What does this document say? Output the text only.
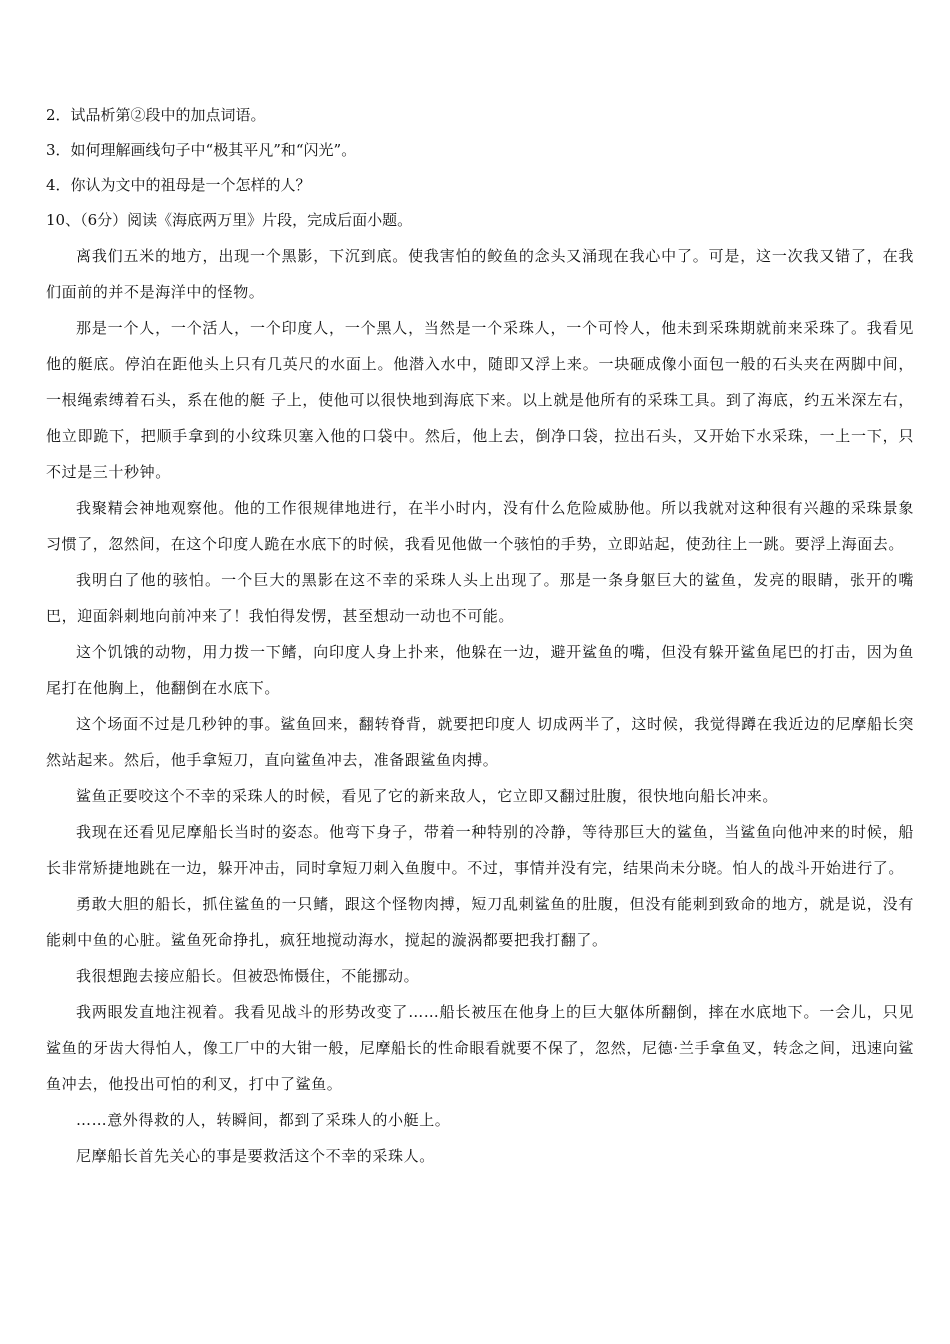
2．试品析第②段中的加点词语。
3．如何理解画线句子中“极其平凡”和“闪光”。
4．你认为文中的祖母是一个怎样的人？
10、（6分）阅读《海底两万里》片段，完成后面小题。

离我们五米的地方，出现一个黑影，下沉到底。使我害怕的鲛鱼的念头又涌现在我心中了。可是，这一次我又错了，在我们面前的并不是海洋中的怪物。

那是一个人，一个活人，一个印度人，一个黑人，当然是一个采珠人，一个可怜人，他未到采珠期就前来采珠了。我看见他的艇底。停泊在距他头上只有几英尺的水面上。他潜入水中，随即又浮上来。一块砸成像小面包一般的石头夹在两脚中间，一根绳索缚着石头，系在他的艇 子上，使他可以很快地到海底下来。以上就是他所有的采珠工具。到了海底，约五米深左右，他立即跪下，把顺手拿到的小纹珠贝塞入他的口袋中。然后，他上去，倒净口袋，拉出石头，又开始下水采珠，一上一下，只不过是三十秒钟。

我聚精会神地观察他。他的工作很规律地进行，在半小时内，没有什么危险威胁他。所以我就对这种很有兴趣的采珠景象习惯了，忽然间，在这个印度人跪在水底下的时候，我看见他做一个骇怕的手势，立即站起，使劲往上一跳。要浮上海面去。

我明白了他的骇怕。一个巨大的黑影在这不幸的采珠人头上出现了。那是一条身躯巨大的鲨鱼，发亮的眼睛，张开的嘴巴，迎面斜刺地向前冲来了！我怕得发愣，甚至想动一动也不可能。

这个饥饿的动物，用力拨一下鳍，向印度人身上扑来，他躲在一边，避开鲨鱼的嘴，但没有躲开鲨鱼尾巴的打击，因为鱼尾打在他胸上，他翻倒在水底下。

这个场面不过是几秒钟的事。鲨鱼回来，翻转脊背，就要把印度人 切成两半了，这时候，我觉得蹲在我近边的尼摩船长突然站起来。然后，他手拿短刀，直向鲨鱼冲去，准备跟鲨鱼肉搏。

鲨鱼正要咬这个不幸的采珠人的时候，看见了它的新来敌人，它立即又翻过肚腹，很快地向船长冲来。

我现在还看见尼摩船长当时的姿态。他弯下身子，带着一种特别的冷静，等待那巨大的鲨鱼，当鲨鱼向他冲来的时候，船长非常矫捷地跳在一边，躲开冲击，同时拿短刀刺入鱼腹中。不过，事情并没有完，结果尚未分晓。怕人的战斗开始进行了。

勇敢大胆的船长，抓住鲨鱼的一只鳍，跟这个怪物肉搏，短刀乱刺鲨鱼的肚腹，但没有能刺到致命的地方，就是说，没有能刺中鱼的心脏。鲨鱼死命挣扎，疯狂地搅动海水，搅起的漩涡都要把我打翻了。

我很想跑去接应船长。但被恐怖慑住，不能挪动。

我两眼发直地注视着。我看见战斗的形势改变了……船长被压在他身上的巨大躯体所翻倒，摔在水底地下。一会儿，只见鲨鱼的牙齿大得怕人，像工厂中的大钳一般，尼摩船长的性命眼看就要不保了，忽然，尼德·兰手拿鱼叉，转念之间，迅速向鲨鱼冲去，他投出可怕的利叉，打中了鲨鱼。

……意外得救的人，转瞬间，都到了采珠人的小艇上。

尼摩船长首先关心的事是要救活这个不幸的采珠人。
